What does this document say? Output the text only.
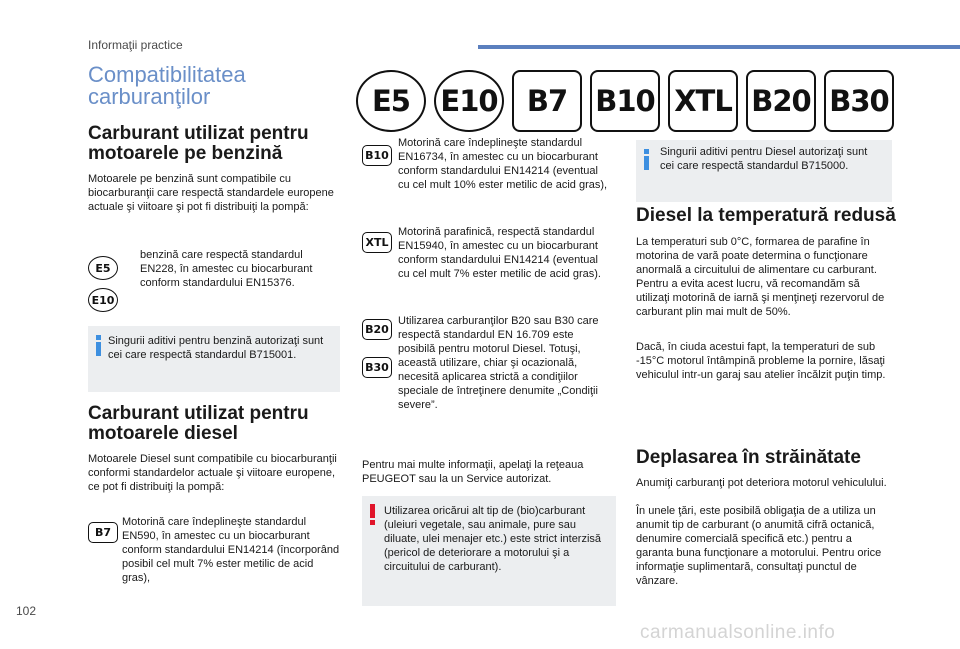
Informaţii practice
Compatibilitatea
carburanţilor	E5	E10	B7 B10 XTL B20 B30
Carburant utilizat pentru
motoarele pe benzină

Motoarele pe benzină sunt compatibile cu biocarburanţii care respectă standardele europene actuale şi viitoare şi pot fi distribuiţi la pompă:

E5
E10

benzină care respectă standardul EN228, în amestec cu biocarburant conform standardului EN15376.

Singurii aditivi pentru benzină autorizaţi sunt cei care respectă standardul B715001.

Carburant utilizat pentru
motoarele diesel

Motoarele Diesel sunt compatibile cu biocarburanţii conformi standardelor actuale şi viitoare europene, ce pot fi distribuiţi la pompă:

B7

Motorină care îndeplineşte standardul EN590, în amestec cu un biocarburant conform standardului EN14214 (încorporând posibil cel mult 7% ester metilic de acid gras),

B10

Motorină care îndeplineşte standardul EN16734, în amestec cu un biocarburant conform standardului EN14214 (eventual cu cel mult 10% ester metilic de acid gras),

XTL

Motorină parafinică, respectă standardul EN15940, în amestec cu un biocarburant conform standardului EN14214 (eventual cu cel mult 7% ester metilic de acid gras).

B20
B30

Utilizarea carburanţilor B20 sau B30 care respectă standardul EN 16.709 este posibilă pentru motorul Diesel. Totuşi, această utilizare, chiar şi ocazională, necesită aplicarea strictă a condiţiilor speciale de întreţinere denumite „Condiţii severe”.

Pentru mai multe informaţii, apelaţi la reţeaua PEUGEOT sau la un Service autorizat.

Utilizarea oricărui alt tip de (bio)carburant (uleiuri vegetale, sau animale, pure sau diluate, ulei menajer etc.) este strict interzisă (pericol de deteriorare a motorului şi a circuitului de carburant).

Singurii aditivi pentru Diesel autorizaţi sunt cei care respectă standardul B715000.

Diesel la temperatură redusă

La temperaturi sub 0°C, formarea de parafine în motorina de vară poate determina o funcţionare anormală a circuitului de alimentare cu carburant. Pentru a evita acest lucru, vă recomandăm să utilizaţi motorină de iarnă şi menţineţi rezervorul de carburant plin mai mult de 50%.

Dacă, în ciuda acestui fapt, la temperaturi de sub -15°C motorul întâmpină probleme la pornire, lăsaţi vehiculul intr-un garaj sau atelier încălzit puţin timp.

Deplasarea în străinătate

Anumiţi carburanţi pot deteriora motorul vehiculului.

În unele ţări, este posibilă obligaţia de a utiliza un anumit tip de carburant (o anumită cifră octanică, denumire comercială specifică etc.) pentru a garanta buna funcţionare a motorului. Pentru orice informaţie suplimentară, consultaţi punctul de vânzare.

102
carmanualsonline.info
